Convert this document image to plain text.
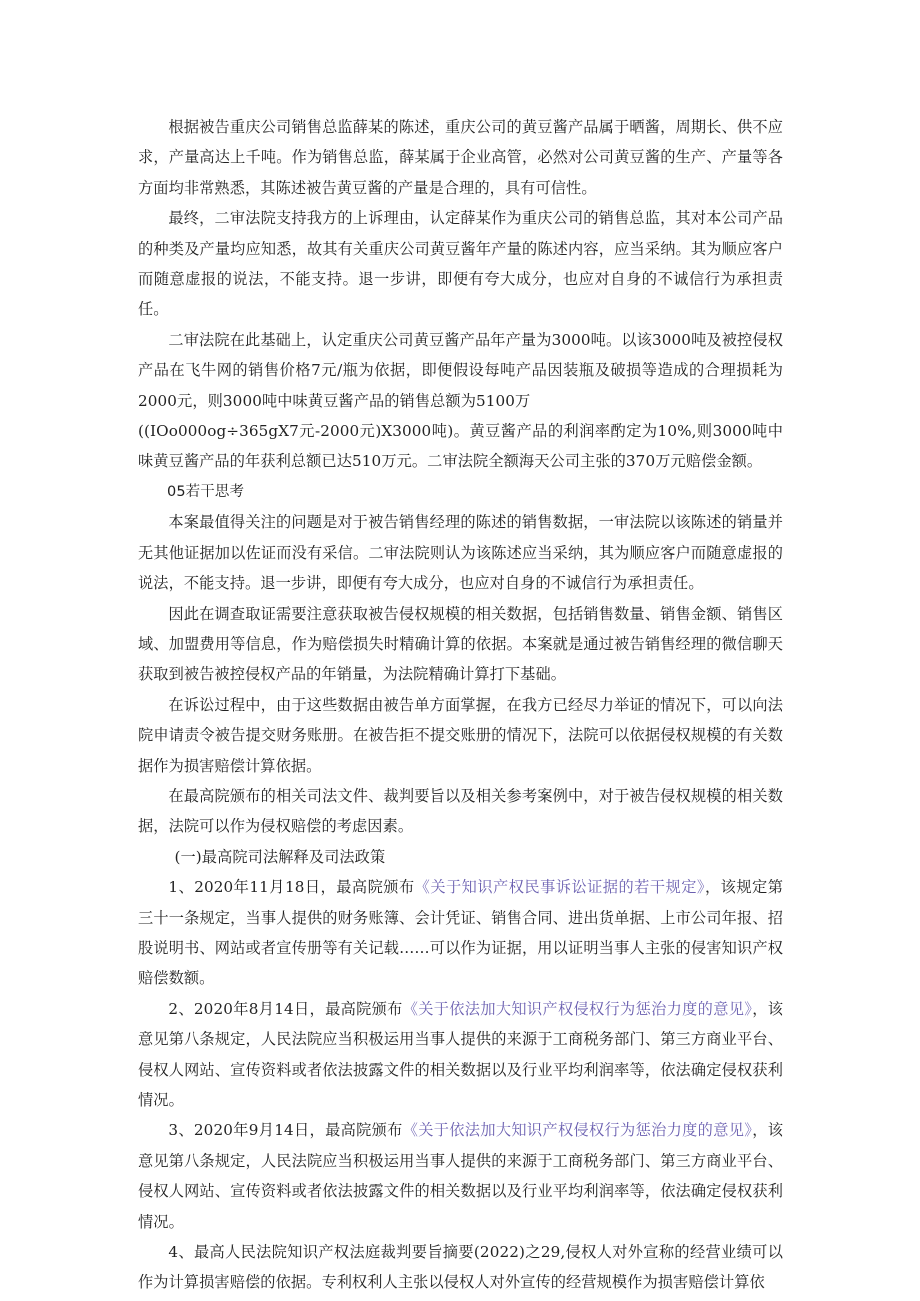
根据被告重庆公司销售总监薛某的陈述，重庆公司的黄豆酱产品属于晒酱，周期长、供不应求，产量高达上千吨。作为销售总监，薛某属于企业高管，必然对公司黄豆酱的生产、产量等各方面均非常熟悉，其陈述被告黄豆酱的产量是合理的，具有可信性。

最终，二审法院支持我方的上诉理由，认定薛某作为重庆公司的销售总监，其对本公司产品的种类及产量均应知悉，故其有关重庆公司黄豆酱年产量的陈述内容，应当采纳。其为顺应客户而随意虚报的说法，不能支持。退一步讲，即便有夸大成分，也应对自身的不诚信行为承担责任。

二审法院在此基础上，认定重庆公司黄豆酱产品年产量为3000吨。以该3000吨及被控侵权产品在飞牛网的销售价格7元/瓶为依据，即便假设每吨产品因装瓶及破损等造成的合理损耗为2000元，则3000吨中味黄豆酱产品的销售总额为5100万

((IOo000og÷365gX7元-2000元)X3000吨)。黄豆酱产品的利润率酌定为10%,则3000吨中味黄豆酱产品的年获利总额已达510万元。二审法院全额海天公司主张的370万元赔偿金额。

05若干思考

本案最值得关注的问题是对于被告销售经理的陈述的销售数据，一审法院以该陈述的销量并无其他证据加以佐证而没有采信。二审法院则认为该陈述应当采纳，其为顺应客户而随意虚报的说法，不能支持。退一步讲，即便有夸大成分，也应对自身的不诚信行为承担责任。

因此在调查取证需要注意获取被告侵权规模的相关数据，包括销售数量、销售金额、销售区域、加盟费用等信息，作为赔偿损失时精确计算的依据。本案就是通过被告销售经理的微信聊天获取到被告被控侵权产品的年销量，为法院精确计算打下基础。

在诉讼过程中，由于这些数据由被告单方面掌握，在我方已经尽力举证的情况下，可以向法院申请责令被告提交财务账册。在被告拒不提交账册的情况下，法院可以依据侵权规模的有关数据作为损害赔偿计算依据。

在最高院颁布的相关司法文件、裁判要旨以及相关参考案例中，对于被告侵权规模的相关数据，法院可以作为侵权赔偿的考虑因素。

(一)最高院司法解释及司法政策

1、2020年11月18日，最高院颁布《关于知识产权民事诉讼证据的若干规定》，该规定第三十一条规定，当事人提供的财务账簿、会计凭证、销售合同、进出货单据、上市公司年报、招股说明书、网站或者宣传册等有关记载……可以作为证据，用以证明当事人主张的侵害知识产权赔偿数额。

2、2020年8月14日，最高院颁布《关于依法加大知识产权侵权行为惩治力度的意见》，该意见第八条规定，人民法院应当积极运用当事人提供的来源于工商税务部门、第三方商业平台、侵权人网站、宣传资料或者依法披露文件的相关数据以及行业平均利润率等，依法确定侵权获利情况。

3、2020年9月14日，最高院颁布《关于依法加大知识产权侵权行为惩治力度的意见》，该意见第八条规定，人民法院应当积极运用当事人提供的来源于工商税务部门、第三方商业平台、侵权人网站、宣传资料或者依法披露文件的相关数据以及行业平均利润率等，依法确定侵权获利情况。

4、最高人民法院知识产权法庭裁判要旨摘要(2022)之29,侵权人对外宣称的经营业绩可以作为计算损害赔偿的依据。专利权利人主张以侵权人对外宣传的经营规模作为损害赔偿计算依
